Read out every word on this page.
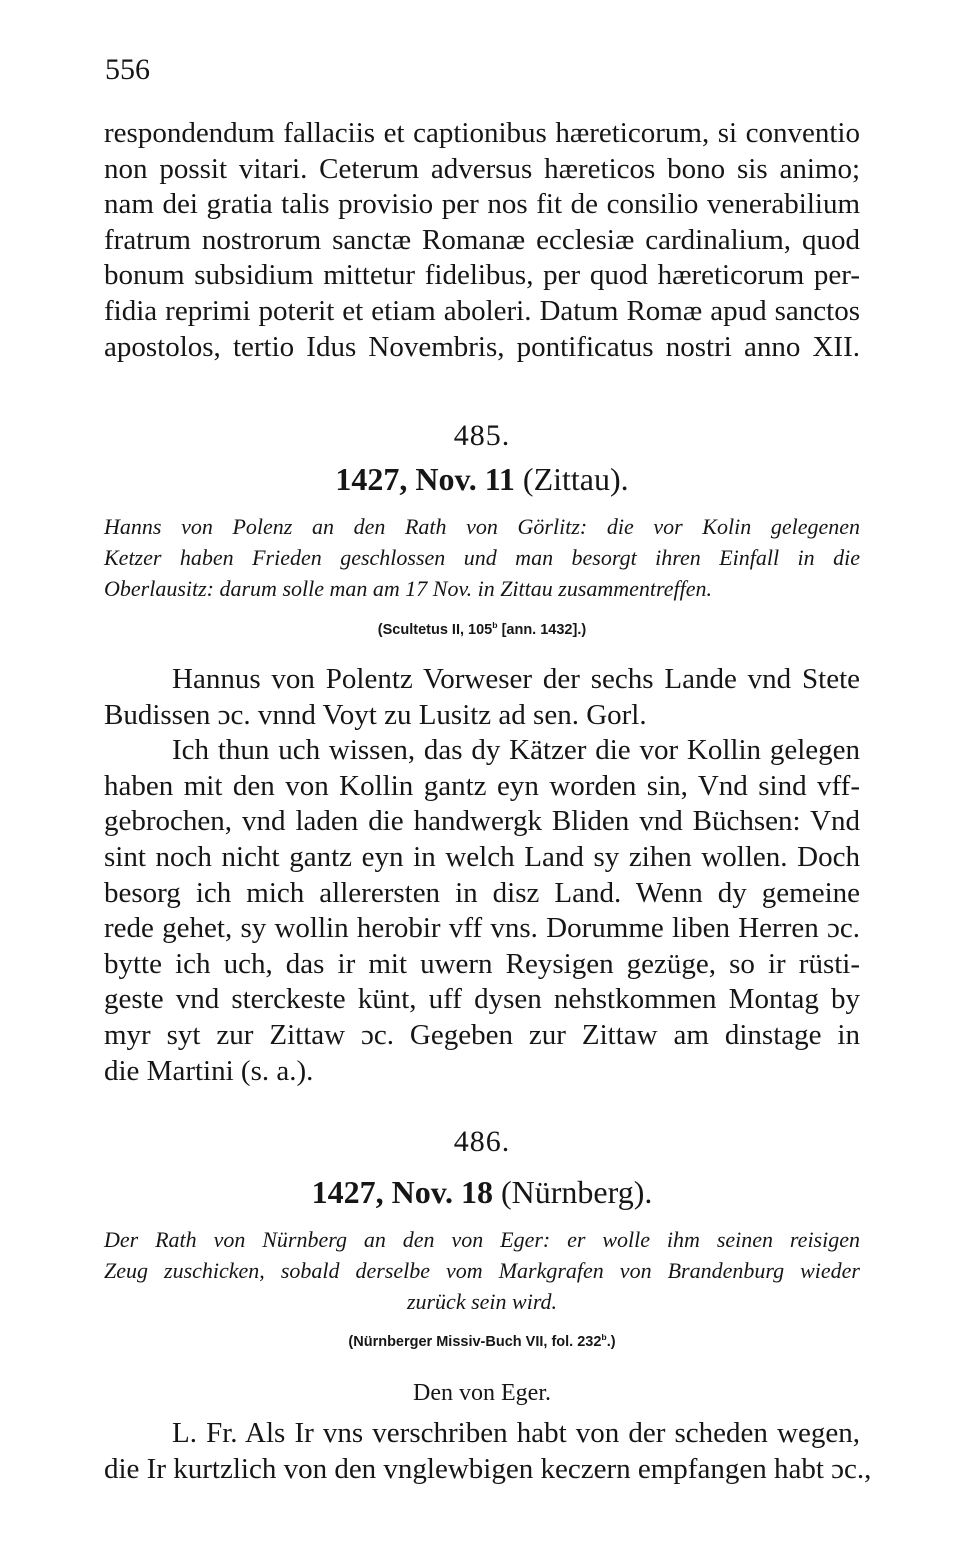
556
respondendum fallaciis et captionibus hæreticorum, si conventio
non possit vitari. Ceterum adversus hæreticos bono sis animo;
nam dei gratia talis provisio per nos fit de consilio venerabilium
fratrum nostrorum sanctæ Romanæ ecclesiæ cardinalium, quod
bonum subsidium mittetur fidelibus, per quod hæreticorum per-
fidia reprimi poterit et etiam aboleri. Datum Romæ apud sanctos
apostolos, tertio Idus Novembris, pontificatus nostri anno XII.
485.
1427, Nov. 11 (Zittau).
Hanns von Polenz an den Rath von Görlitz: die vor Kolin gelegenen
Ketzer haben Frieden geschlossen und man besorgt ihren Einfall in die
Oberlausitz: darum solle man am 17 Nov. in Zittau zusammentreffen.
(Scultetus II, 105$^b$ [ann. 1432].)
Hannus von Polentz Vorweser der sechs Lande vnd Stete
Budissen ɔc. vnnd Voyt zu Lusitz ad sen. Gorl.
Ich thun uch wissen, das dy Kätzer die vor Kollin gelegen
haben mit den von Kollin gantz eyn worden sin, Vnd sind vff-
gebrochen, vnd laden die handwergk Bliden vnd Büchsen: Vnd
sint noch nicht gantz eyn in welch Land sy zihen wollen. Doch
besorg ich mich allerersten in disz Land. Wenn dy gemeine
rede gehet, sy wollin herobir vff vns. Dorumme liben Herren ɔc.
bytte ich uch, das ir mit uwern Reysigen gezüge, so ir rüsti-
geste vnd sterckeste künt, uff dysen nehstkommen Montag by
myr syt zur Zittaw ɔc. Gegeben zur Zittaw am dinstage in
die Martini (s. a.).
486.
1427, Nov. 18 (Nürnberg).
Der Rath von Nürnberg an den von Eger: er wolle ihm seinen reisigen
Zeug zuschicken, sobald derselbe vom Markgrafen von Brandenburg wieder
zurück sein wird.
(Nürnberger Missiv-Buch VII, fol. 232$^b$.)
Den von Eger.
L. Fr. Als Ir vns verschriben habt von der scheden wegen,
die Ir kurtzlich von den vnglewbigen keczern empfangen habt ɔc.,
